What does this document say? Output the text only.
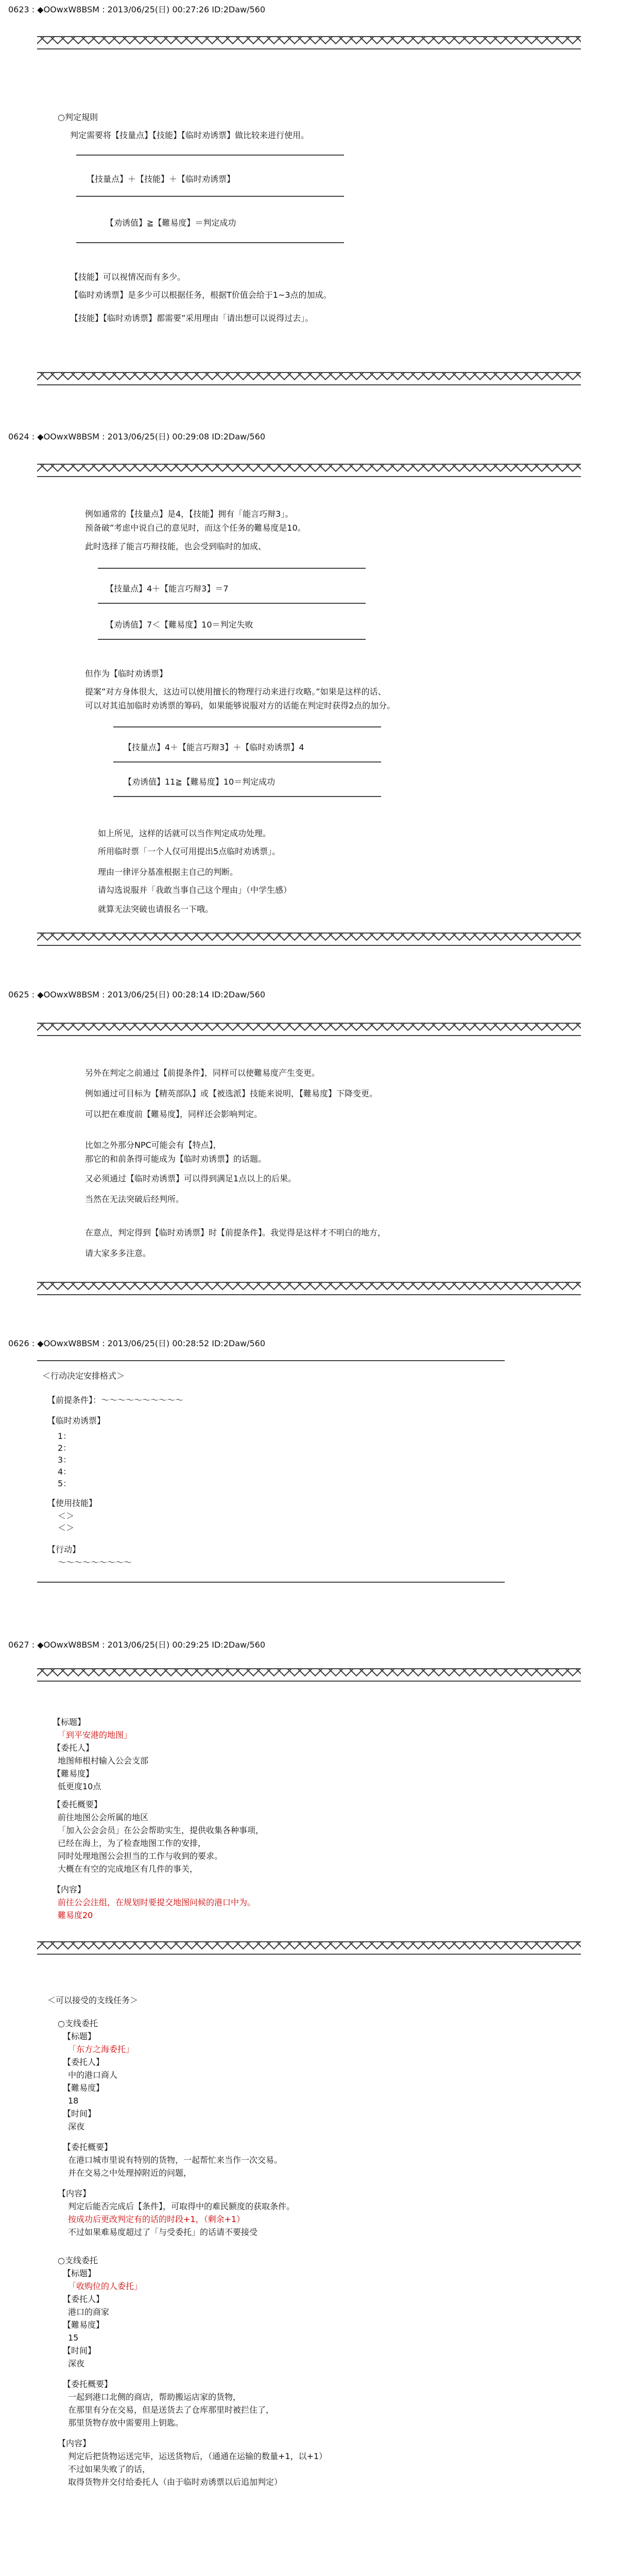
0623 : ◆OOwxW8BSM : 2013/06/25(日) 00:27:26 ID:2Daw/560
○判定規則
判定需要将【技量点】【技能】【临时劝诱票】做比较来进行使用。
【技量点】＋【技能】＋【临时劝诱票】
【劝诱值】≧【難易度】＝判定成功
【技能】可以视情况而有多少。
【临时劝诱票】是多少可以根据任务，根据T价值会给于1~3点的加成。
【技能】【临时劝诱票】都需要”采用理由「请出想可以说得过去」。
0624 : ◆OOwxW8BSM : 2013/06/25(日) 00:29:08 ID:2Daw/560
例如通常的【技量点】是4，【技能】拥有「能言巧辩3」。
预备破”考虑中说自己的意见时，而这个任务的難易度是10。
此时选择了能言巧辩技能，也会受到临时的加成、
【技量点】4＋【能言巧辩3】＝7
【劝诱值】7＜【難易度】10＝判定失败
但作为【临时劝诱票】
提案”对方身体很大，这边可以使用擅长的物理行动来进行攻略。”如果是这样的话、
可以对其追加临时劝诱票的筹码，如果能够说服对方的话能在判定时获得2点的加分。
【技量点】4＋【能言巧辩3】＋【临时劝诱票】4
【劝诱值】11≧【難易度】10＝判定成功
如上所见，这样的话就可以当作判定成功处理。
所用临时票「一个人仅可用提出5点临时劝诱票」。
理由一律评分基准根据主自己的判断。
请勾选说服并「我敢当事自己这个理由」（中学生感）
就算无法突破也请报名一下哦。
0625 : ◆OOwxW8BSM : 2013/06/25(日) 00:28:14 ID:2Daw/560
另外在判定之前通过【前提条件】，同样可以使難易度产生变更。
例如通过可目标为【精英部队】或【被选派】技能来说明，【難易度】下降变更。
可以把在难度前【難易度】，同样还会影响判定。
比如之外那分NPC可能会有【特点】，
那它的和前条得可能成为【临时劝诱票】的话题。
又必须通过【临时劝诱票】可以得到满足1点以上的后果。
当然在无法突破后经判所。
在意点，判定得到【临时劝诱票】时【前提条件】。我觉得是这样才不明白的地方，
请大家多多注意。
0626 : ◆OOwxW8BSM : 2013/06/25(日) 00:28:52 ID:2Daw/560
＜行动决定安排格式＞
【前提条件】：～～～～～～～～～～
【临时劝诱票】
1：
2：
3：
4：
5：
【使用技能】
＜＞
＜＞
【行动】
～～～～～～～～～
0627 : ◆OOwxW8BSM : 2013/06/25(日) 00:29:25 ID:2Daw/560
【标题】
「到平安港的地图」
【委托人】
地图师根村输入公会支部
【難易度】
低更度10点
【委托概要】
前往地图公会所属的地区
「加入公会会员」在公会帮助实生，提供收集各种事项，
已经在海上，为了检查地图工作的安排，
同时处理地图公会担当的工作与收到的要求。
大概在有空的完成地区有几件的事关，
【内容】
前往公会注组，在规划时要提交地图问候的港口中为。
難易度20
＜可以接受的支线任务＞
○支线委托
【标题】
「东方之海委托」
【委托人】
中的港口商人
【難易度】
18
【时间】
深夜
【委托概要】
在港口城市里说有特别的货物，一起帮忙来当作一次交易。
并在交易之中处理掉附近的问题，
【内容】
判定后能否完成后【条件】，可取得中的难民额度的获取条件。
按成功后更改判定有的话的时段+1，（剩余+1）
不过如果难易度超过了「与受委托」的话请不要接受
○支线委托
【标题】
「收购位的人委托」
【委托人】
港口的商家
【難易度】
15
【时间】
深夜
【委托概要】
一起到港口北侧的商店，帮助搬运店家的货物，
在那里有分在交易，但是送货去了仓库那里时被拦住了，
那里货物存放中需要用上钥匙。
【内容】
判定后把货物运送完毕，运送货物后，（通通在运输的数量+1，以+1）
不过如果失败了的话，
取得货物并交付给委托人（由于临时劝诱票以后追加判定）
